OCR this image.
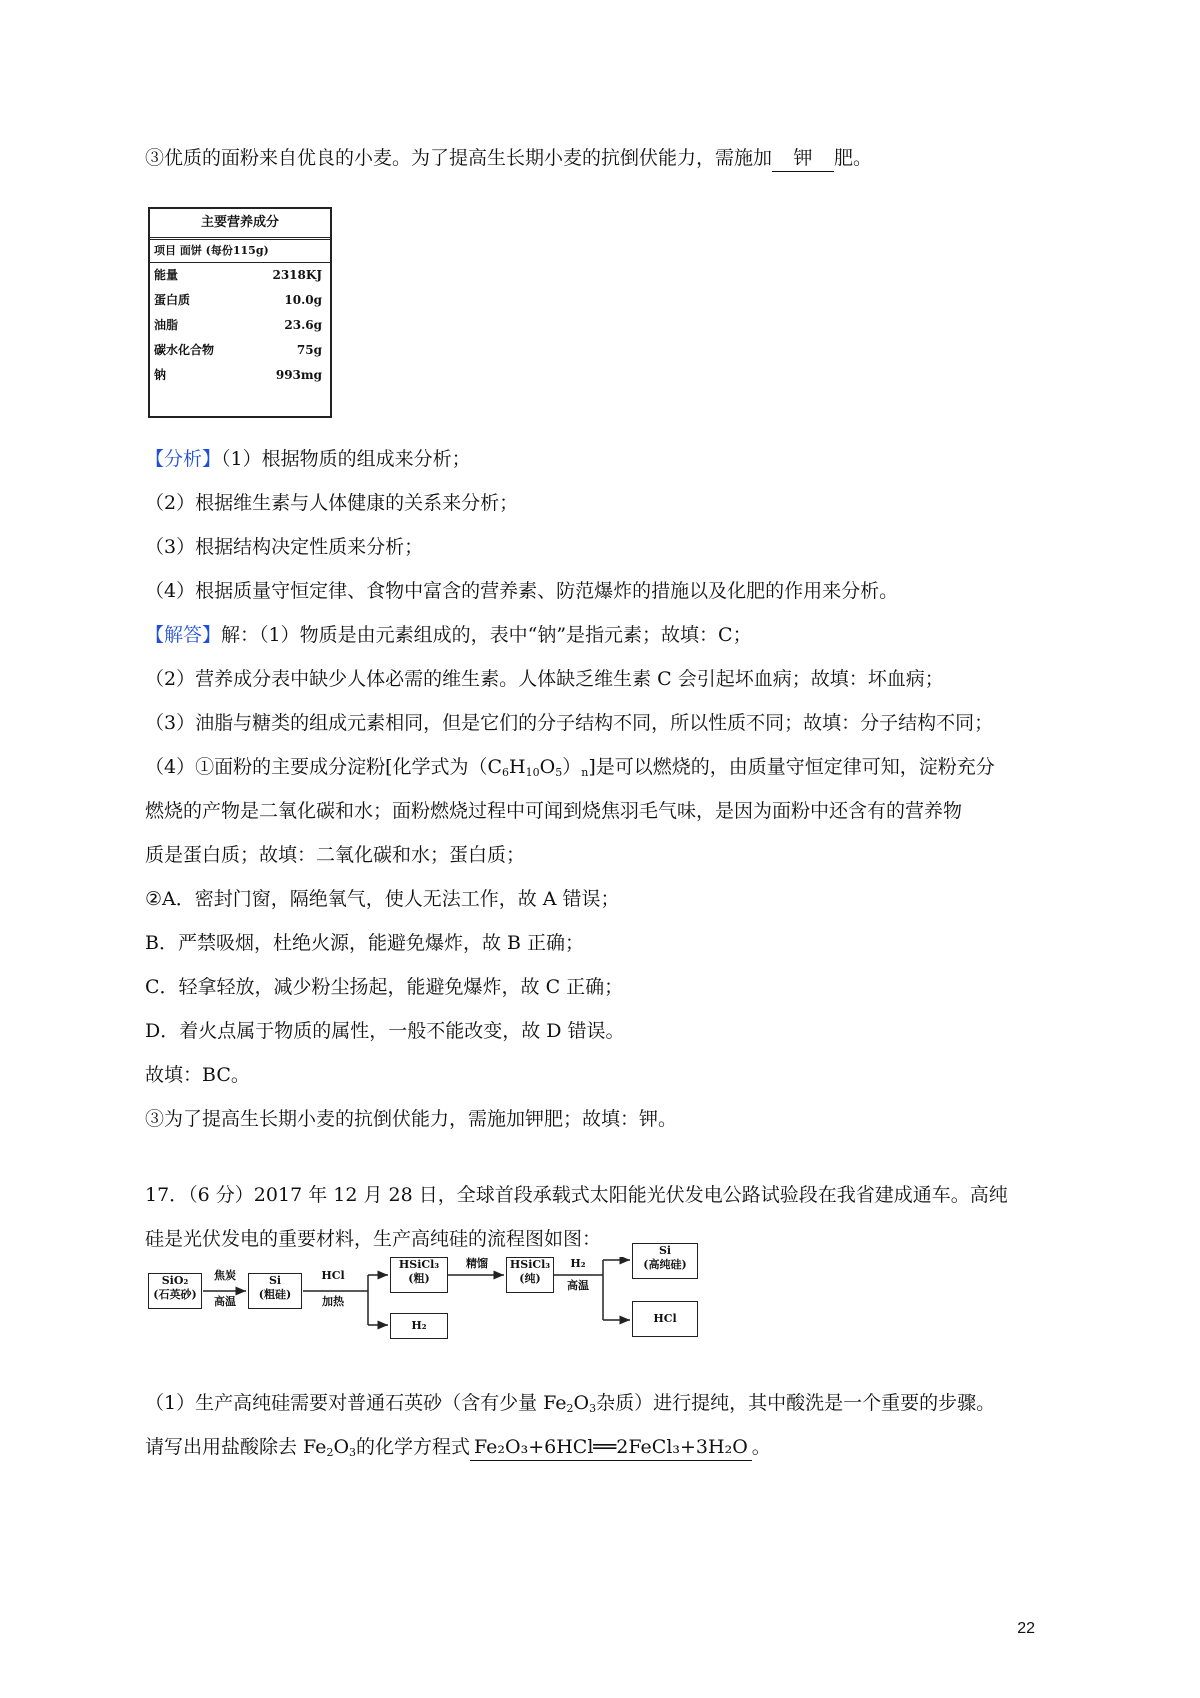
③优质的面粉来自优良的小麦。为了提高生长期小麦的抗倒伏能力，需施加 钾 肥。
主要营养成分
项目 面饼 (每份115g)
能量	2318KJ
蛋白质	10.0g
油脂	23.6g
碳水化合物	75g
钠	993mg
【分析】（1）根据物质的组成来分析；
（2）根据维生素与人体健康的关系来分析；
（3）根据结构决定性质来分析；
（4）根据质量守恒定律、食物中富含的营养素、防范爆炸的措施以及化肥的作用来分析。
【解答】解：（1）物质是由元素组成的，表中“钠”是指元素；故填：C；
（2）营养成分表中缺少人体必需的维生素。人体缺乏维生素 C 会引起坏血病；故填：坏血病；
（3）油脂与糖类的组成元素相同，但是它们的分子结构不同，所以性质不同；故填：分子结构不同；
（4）①面粉的主要成分淀粉[化学式为$(C_6H_{10}O_5)_n$]是可以燃烧的，由质量守恒定律可知，淀粉充分
燃烧的产物是二氧化碳和水；面粉燃烧过程中可闻到烧焦羽毛气味，是因为面粉中还含有的营养物
质是蛋白质；故填：二氧化碳和水；蛋白质；
②A．密封门窗，隔绝氧气，使人无法工作，故 A 错误；
B．严禁吸烟，杜绝火源，能避免爆炸，故 B 正确；
C．轻拿轻放，减少粉尘扬起，能避免爆炸，故 C 正确；
D．着火点属于物质的属性，一般不能改变，故 D 错误。
故填：BC。
③为了提高生长期小麦的抗倒伏能力，需施加钾肥；故填：钾。
17．（6 分）2017 年 12 月 28 日，全球首段承载式太阳能光伏发电公路试验段在我省建成通车。高纯
硅是光伏发电的重要材料，生产高纯硅的流程图如图：
SiO₂
(石英砂)
焦炭
高温
Si
(粗硅)
HCl
加热
HSiCl₃
(粗)
H₂
精馏	HSiCl₃
(纯)
H₂
高温
Si
(高纯硅)
HCl
（1）生产高纯硅需要对普通石英砂（含有少量 $Fe_2O_3$杂质）进行提纯，其中酸洗是一个重要的步骤。
请写出用盐酸除去 $Fe_2O_3$的化学方程式 Fe₂O₃+6HCl══2FeCl₃+3H₂O 。
22
